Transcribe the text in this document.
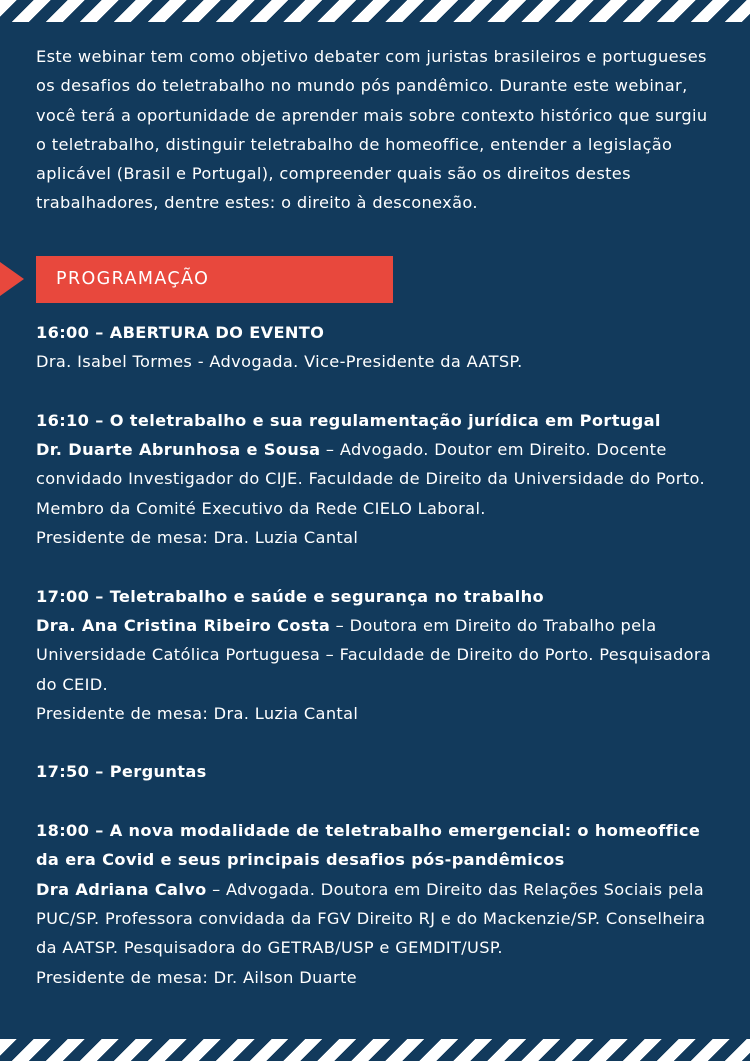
Este webinar tem como objetivo debater com juristas brasileiros e portugueses os desafios do teletrabalho no mundo pós pandêmico. Durante este webinar, você terá a oportunidade de aprender mais sobre contexto histórico que surgiu o teletrabalho, distinguir teletrabalho de homeoffice, entender a legislação aplicável (Brasil e Portugal), compreender quais são os direitos destes trabalhadores, dentre estes: o direito à desconexão.

PROGRAMAÇÃO
16:00 – ABERTURA DO EVENTO
Dra. Isabel Tormes - Advogada. Vice-Presidente da AATSP.
16:10 – O teletrabalho e sua regulamentação jurídica em Portugal
Dr. Duarte Abrunhosa e Sousa – Advogado. Doutor em Direito. Docente convidado Investigador do CIJE. Faculdade de Direito da Universidade do Porto. Membro da Comité Executivo da Rede CIELO Laboral.
Presidente de mesa: Dra. Luzia Cantal
17:00 – Teletrabalho e saúde e segurança no trabalho
Dra. Ana Cristina Ribeiro Costa – Doutora em Direito do Trabalho pela Universidade Católica Portuguesa – Faculdade de Direito do Porto. Pesquisadora do CEID.
Presidente de mesa: Dra. Luzia Cantal
17:50 – Perguntas
18:00 – A nova modalidade de teletrabalho emergencial: o homeoffice da era Covid e seus principais desafios pós-pandêmicos
Dra Adriana Calvo – Advogada. Doutora em Direito das Relações Sociais pela PUC/SP. Professora convidada da FGV Direito RJ e do Mackenzie/SP. Conselheira da AATSP. Pesquisadora do GETRAB/USP e GEMDIT/USP.
Presidente de mesa: Dr. Ailson Duarte
